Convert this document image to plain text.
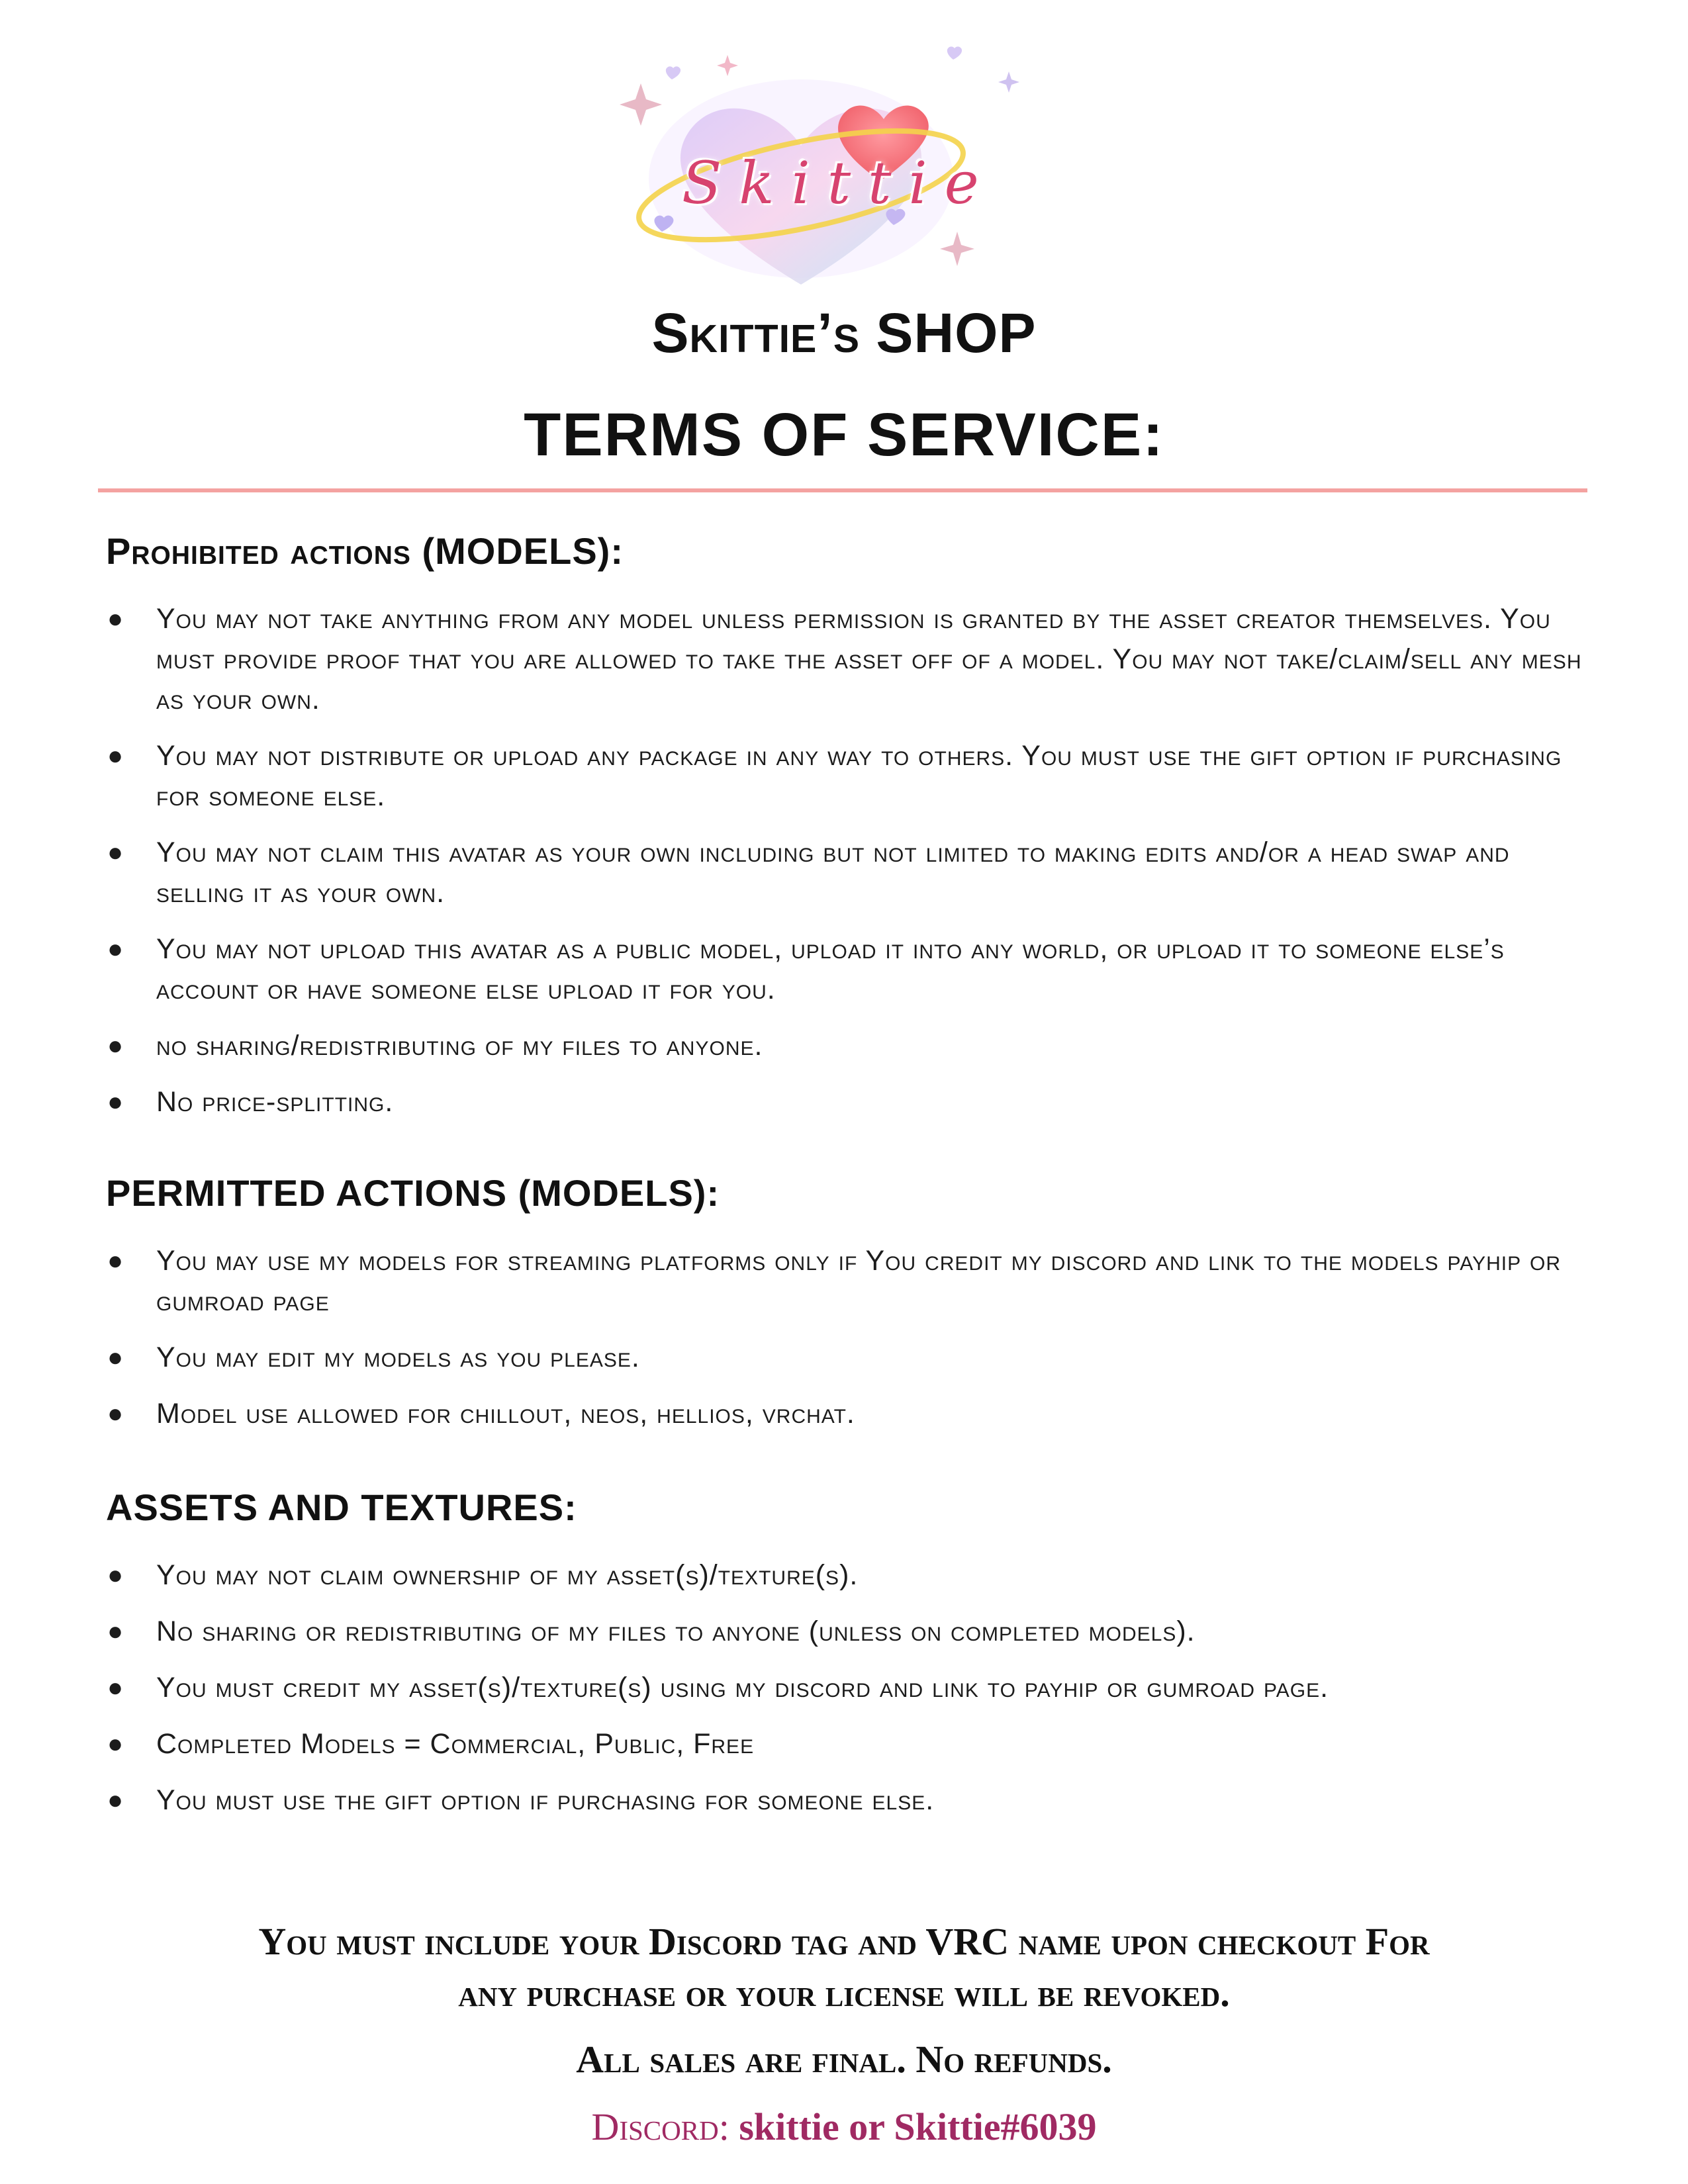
Skittie
Skittie’s SHOP
TERMS OF SERVICE:
Prohibited actions (MODELS):
● You may not take anything from any model unless permission is granted by the asset creator themselves. You must provide proof that you are allowed to take the asset off of a model. You may not take/claim/sell any mesh as your own.
● You may not distribute or upload any package in any way to others. You must use the gift option if purchasing for someone else.
● You may not claim this avatar as your own including but not limited to making edits and/or a head swap and selling it as your own.
● You may not upload this avatar as a public model, upload it into any world, or upload it to someone else’s account or have someone else upload it for you.
● no sharing/redistributing of my files to anyone.
● No price-splitting.
PERMITTED ACTIONS (MODELS):
● You may use my models for streaming platforms only if You credit my discord and link to the models payhip or gumroad page
● You may edit my models as you please.
● Model use allowed for chillout, neos, hellios, vrchat.
ASSETS AND TEXTURES:
● You may not claim ownership of my asset(s)/texture(s).
● No sharing or redistributing of my files to anyone (unless on completed models).
● You must credit my asset(s)/texture(s) using my discord and link to payhip or gumroad page.
● Completed Models = Commercial, Public, Free
● You must use the gift option if purchasing for someone else.
You must include your Discord tag and VRC name upon checkout For
any purchase or your license will be revoked.
All sales are final. No refunds.
Discord: skittie or Skittie#6039
